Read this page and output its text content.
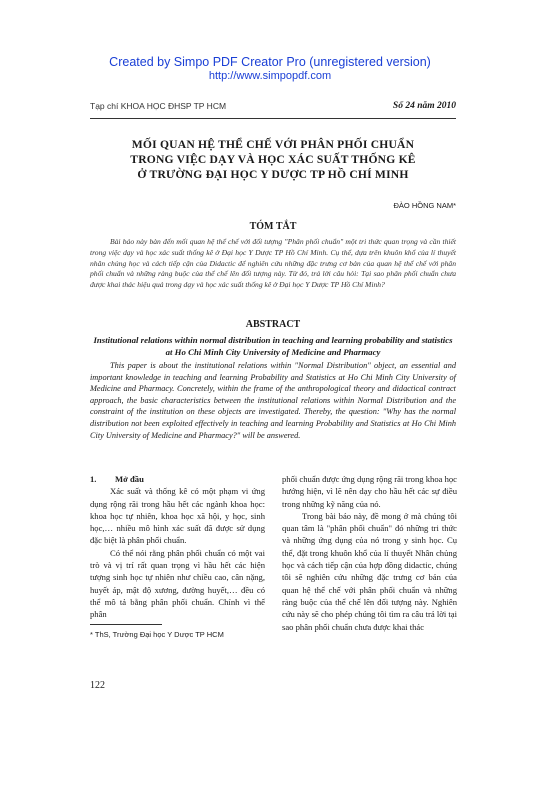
Created by Simpo PDF Creator Pro (unregistered version)
http://www.simpopdf.com
Tạp chí KHOA HỌC ĐHSP TP HCM	Số 24 năm 2010
MỐI QUAN HỆ THỂ CHẾ VỚI PHÂN PHỐI CHUẨN
TRONG VIỆC DẠY VÀ HỌC XÁC SUẤT THỐNG KÊ
Ở TRƯỜNG ĐẠI HỌC Y DƯỢC TP HỒ CHÍ MINH
ĐÀO HỒNG NAM*
TÓM TẮT
Bài báo này bàn đến mối quan hệ thể chế với đối tượng "Phân phối chuẩn" một tri thức quan trọng và cần thiết trong việc dạy và học xác suất thống kê ở Đại học Y Dược TP Hồ Chí Minh. Cụ thể, dựa trên khuôn khổ của lí thuyết nhân chủng học và cách tiếp cận của Didactic để nghiên cứu những đặc trưng cơ bản của quan hệ thể chế với phân phối chuẩn và những ràng buộc của thể chế lên đối tượng này. Từ đó, trả lời câu hỏi: Tại sao phân phối chuẩn chưa được khai thác hiệu quả trong dạy và học xác suất thống kê ở Đại học Y Dược TP Hồ Chí Minh?
ABSTRACT
Institutional relations within normal distribution in teaching and learning probability and statistics at Ho Chi Minh City University of Medicine and Pharmacy
This paper is about the institutional relations within "Normal Distribution" object, an essential and important knowledge in teaching and learning Probability and Statistics at Ho Chi Minh City University of Medicine and Pharmacy. Concretely, within the frame of the anthropological theory and didactical contract approach, the basic characteristics between the institutional relations within Normal Distribution and the constraint of the institution on these objects are investigated. Thereby, the question: "Why has the normal distribution not been exploited effectively in teaching and learning Probability and Statistics at Ho Chi Minh City University of Medicine and Pharmacy?" will be answered.
1. Mở đầu

Xác suất và thống kê có một phạm vi ứng dụng rộng rãi trong hầu hết các ngành khoa học: khoa học tự nhiên, khoa học xã hội, y học, sinh học,… nhiều mô hình xác suất đã được sử dụng đặc biệt là phân phối chuẩn.

Có thể nói rằng phân phối chuẩn có một vai trò và vị trí rất quan trọng vì hầu hết các hiện tượng sinh học tự nhiên như chiều cao, cân nặng, huyết áp, mật độ xương, đường huyết,… đều có thể mô tả bằng phân phối chuẩn. Chính vì thế phân

phối chuẩn được ứng dụng rộng rãi trong khoa học hướng hiện, vì lẽ nên dạy cho hầu hết các sự điều trong những kỹ năng của nó.

Trong bài báo này, đề mong ở mà chúng tôi quan tâm là "phân phối chuẩn" đó những tri thức và những ứng dụng của nó trong y sinh học. Cụ thể, đặt trong khuôn khổ của lí thuyết Nhân chủng học và cách tiếp cận của hợp đồng didactic, chúng tôi sẽ nghiên cứu những đặc trưng cơ bản của quan hệ thể chế với phân phối chuẩn và những ràng buộc của thể chế lên đối tượng này. Nghiên cứu này sẽ cho phép chúng tôi tìm ra câu trả lời tại sao phân phối chuẩn chưa được khai thác

* ThS, Trường Đại học Y Dược TP HCM
122
